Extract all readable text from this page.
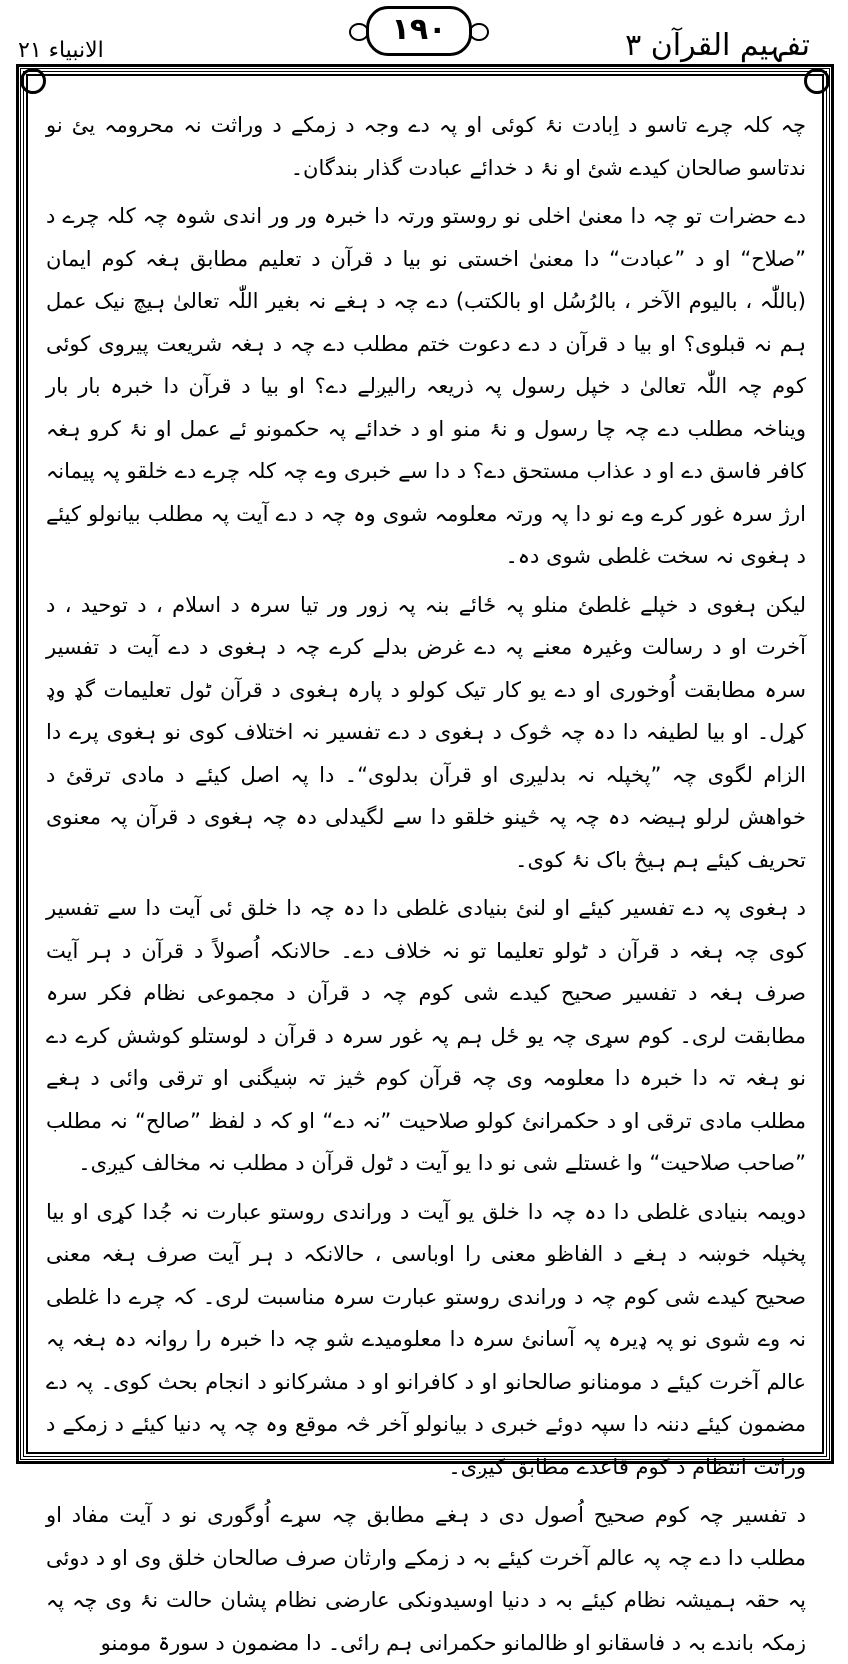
الانبیاء ۲۱
۱۹۰	تفہیم القرآن ۳

چہ کلہ چرے تاسو د اِبادت نۂ کوئی او پہ دے وجہ د زمکے د وراثت نہ محرومہ یئ نو ندتاسو صالحان کیدے شئ او نۂ د خدائے عبادت گذار بندگان۔

دے حضرات تو چہ دا معنیٰ اخلی نو روستو ورتہ دا خبرہ ور ور اندی شوہ چہ کلہ چرے د ”صلاح“ او د ”عبادت“ دا معنیٰ اخستی نو بیا د قرآن د تعلیم مطابق ہغہ کوم ایمان (باللّٰہ ، بالیوم الآخر ، بالرُسُل او بالکتب) دے چہ د ہغے نہ بغیر اللّٰہ تعالیٰ ہیچ نیک عمل ہم نہ قبلوی؟ او بیا د قرآن د دے دعوت ختم مطلب دے چہ د ہغہ شریعت پیروی کوئی کوم چہ اللّٰہ تعالیٰ د خپل رسول پہ ذریعہ رالیږلے دے؟ او بیا د قرآن دا خبرہ بار بار ویناخہ مطلب دے چہ چا رسول و نۂ منو او د خدائے پہ حکمونو ئے عمل او نۂ کرو ہغہ کافر فاسق دے او د عذاب مستحق دے؟ د دا سے خبری وے چہ کلہ چرے دے خلقو پہ پیمانہ ارژ سرہ غور کرے وے نو دا پہ ورتہ معلومہ شوی وہ چہ د دے آیت پہ مطلب بیانولو کیئے د ہغوی نہ سخت غلطی شوی دہ۔

لیکن ہغوی د خپلے غلطئ منلو پہ ځائے بنہ پہ زور ور تیا سرہ د اسلام ، د توحید ، د آخرت او د رسالت وغیرہ معنے پہ دے غرض بدلے کرے چہ د ہغوی د دے آیت د تفسیر سرہ مطابقت اُوخوری او دے یو کار تیک کولو د پارہ ہغوی د قرآن ٹول تعلیمات گډ وډ کړل۔ او بیا لطیفہ دا دہ چہ څوک د ہغوی د دے تفسیر نہ اختلاف کوی نو ہغوی پرے دا الزام لگوی چہ ”پخپلہ نہ بدلیږی او قرآن بدلوی“۔ دا پہ اصل کیئے د مادی ترقئ د خواهش لرلو ہیضہ دہ چہ پہ څینو خلقو دا سے لگیدلی دہ چہ ہغوی د قرآن پہ معنوی تحریف کیئے ہم ہیڅ باک نۂ کوی۔

د ہغوی پہ دے تفسیر کیئے او لنئ بنیادی غلطی دا دہ چہ دا خلق ئی آیت دا سے تفسیر کوی چہ ہغہ د قرآن د ٹولو تعلیما تو نہ خلاف دے۔ حالانکہ اُصولاً د قرآن د ہر آیت صرف ہغہ د تفسیر صحیح کیدے شی کوم چہ د قرآن د مجموعی نظام فکر سرہ مطابقت لری۔ کوم سړی چہ یو ځل ہم پہ غور سرہ د قرآن د لوستلو کوشش کرے دے نو ہغہ تہ دا خبرہ دا معلومہ وی چہ قرآن کوم څیز تہ ښیگنی او ترقی وائی د ہغے مطلب مادی ترقی او د حکمرانئ کولو صلاحیت ”نہ دے“ او کہ د لفظ ”صالح“ نہ مطلب ”صاحب صلاحیت“ وا غستلے شی نو دا یو آیت د ٹول قرآن د مطلب نہ مخالف کیږی۔

دویمہ بنیادی غلطی دا دہ چہ دا خلق یو آیت د وراندی روستو عبارت نہ جُدا کړی او بیا پخپلہ خوښہ د ہغے د الفاظو معنی را اوباسی ، حالانکہ د ہر آیت صرف ہغہ معنی صحیح کیدے شی کوم چہ د وراندی روستو عبارت سرہ مناسبت لری۔ کہ چرے دا غلطی نہ وے شوی نو پہ ډیرہ پہ آسانئ سرہ دا معلومیدے شو چہ دا خبرہ را روانہ دہ ہغہ پہ عالم آخرت کیئے د مومنانو صالحانو او د کافرانو او د مشرکانو د انجام بحث کوی۔ پہ دے مضمون کیئے دننہ دا سپہ دوئے خبری د بیانولو آخر څہ موقع وہ چہ پہ دنیا کیئے د زمکے د وراثت انتظام د کوم قاعدے مطابق کیږی۔

د تفسیر چہ کوم صحیح اُصول دی د ہغے مطابق چہ سړے اُوگوری نو د آیت مفاد او مطلب دا دے چہ پہ عالم آخرت کیئے بہ د زمکے وارثان صرف صالحان خلق وی او د دوئی پہ حقہ ہمیشہ نظام کیئے بہ د دنیا اوسیدونکی عارضی نظام پشان حالت نۂ وی چہ پہ زمکہ باندے بہ د فاسقانو او ظالمانو حکمرانی ہم رائی۔ دا مضمون د سورۃ مومنو
